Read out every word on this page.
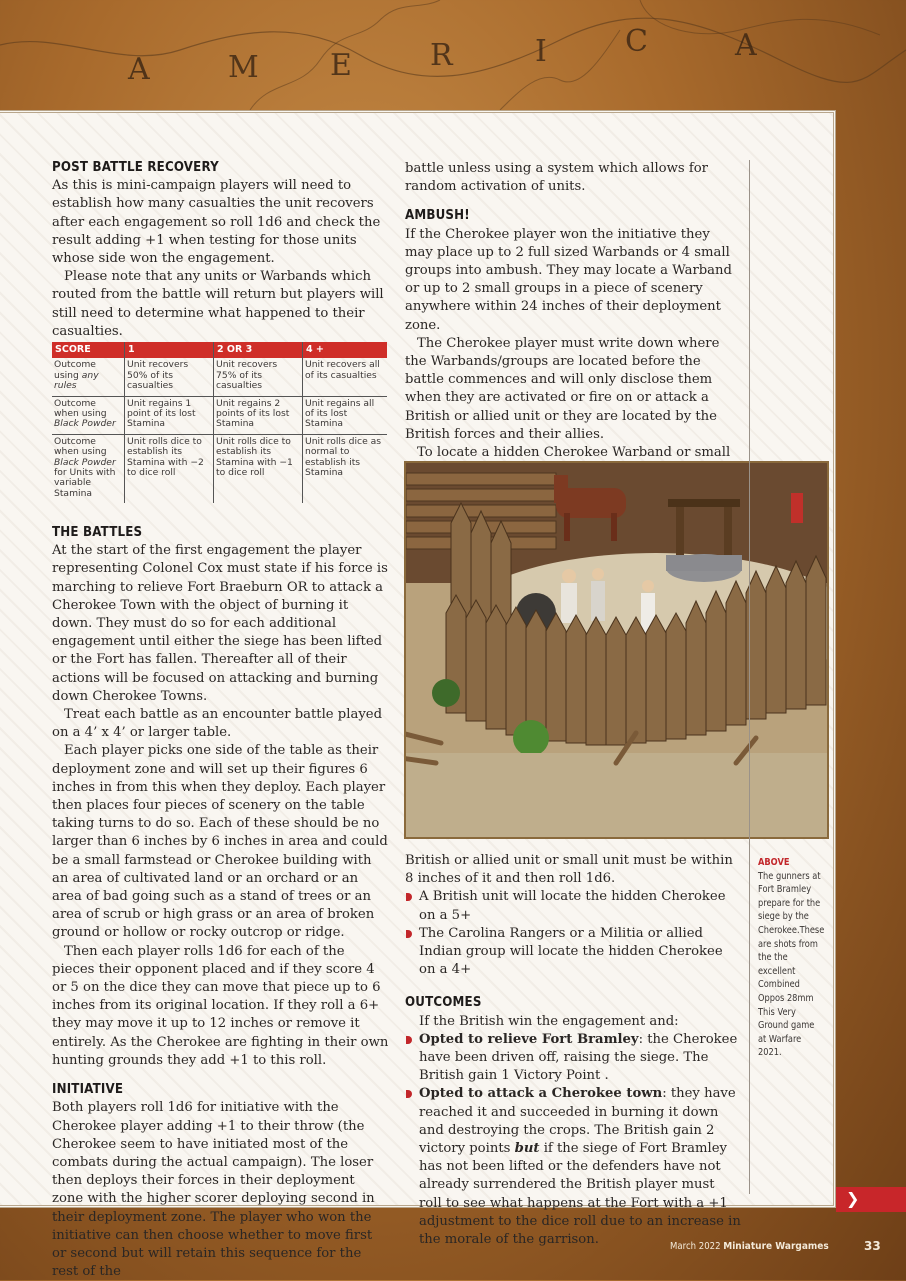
A	M E	R	I	C	A
POST BATTLE RECOVERY

As this is mini-campaign players will need to establish how many casualties the unit recovers after each engagement so roll 1d6 and check the result adding +1 when testing for those units whose side won the engagement.

Please note that any units or Warbands which routed from the battle will return but players will still need to determine what happened to their casualties.

SCORE	1	2 OR 3	4 +
Outcome using any rules	Unit recovers 50% of its casualties	Unit recovers 75% of its casualties	Unit recovers all of its casualties
Outcome when using Black Powder	Unit regains 1 point of its lost Stamina	Unit regains 2 points of its lost Stamina	Unit regains all of its lost Stamina
Outcome when using Black Powder for Units with variable Stamina	Unit rolls dice to establish its Stamina with −2 to dice roll	Unit rolls dice to establish its Stamina with −1 to dice roll	Unit rolls dice as normal to establish its Stamina
THE BATTLES

At the start of the first engagement the player representing Colonel Cox must state if his force is marching to relieve Fort Braeburn OR to attack a Cherokee Town with the object of burning it down. They must do so for each additional engagement until either the siege has been lifted or the Fort has fallen. Thereafter all of their actions will be focused on attacking and burning down Cherokee Towns.

Treat each battle as an encounter battle played on a 4’ x 4’ or larger table.

Each player picks one side of the table as their deployment zone and will set up their figures 6 inches in from this when they deploy. Each player then places four pieces of scenery on the table taking turns to do so. Each of these should be no larger than 6 inches by 6 inches in area and could be a small farmstead or Cherokee building with an area of cultivated land or an orchard or an area of bad going such as a stand of trees or an area of scrub or high grass or an area of broken ground or hollow or rocky outcrop or ridge.

Then each player rolls 1d6 for each of the pieces their opponent placed and if they score 4 or 5 on the dice they can move that piece up to 6 inches from its original location. If they roll a 6+ they may move it up to 12 inches or remove it entirely. As the Cherokee are fighting in their own hunting grounds they add +1 to this roll.

INITIATIVE

Both players roll 1d6 for initiative with the Cherokee player adding +1 to their throw (the Cherokee seem to have initiated most of the combats during the actual campaign). The loser then deploys their forces in their deployment zone with the higher scorer deploying second in their deployment zone. The player who won the initiative can then choose whether to move first or second but will retain this sequence for the rest of the

battle unless using a system which allows for random activation of units.

AMBUSH!

If the Cherokee player won the initiative they may place up to 2 full sized Warbands or 4 small groups into ambush. They may locate a Warband or up to 2 small groups in a piece of scenery anywhere within 24 inches of their deployment zone.

The Cherokee player must write down where the Warbands/groups are located before the battle commences and will only disclose them when they are activated or fire on or attack a British or allied unit or they are located by the British forces and their allies.

To locate a hidden Cherokee Warband or small

British or allied unit or small unit must be within 8 inches of it and then roll 1d6.

A British unit will locate the hidden Cherokee on a 5+
The Carolina Rangers or a Militia or allied Indian group will locate the hidden Cherokee on a 4+
OUTCOMES

If the British win the engagement and:

Opted to relieve Fort Bramley: the Cherokee have been driven off, raising the siege. The British gain 1 Victory Point .
Opted to attack a Cherokee town: they have reached it and succeeded in burning it down and destroying the crops. The British gain 2 victory points but if the siege of Fort Bramley has not been lifted or the defenders have not already surrendered the British player must roll to see what happens at the Fort with a +1 adjustment to the dice roll due to an increase in the morale of the garrison.
ABOVE
The gunners at Fort Bramley prepare for the siege by the Cherokee.These are shots from the the excellent Combined Oppos 28mm This Very Ground game at Warfare 2021.
❯
March 2022 Miniature Wargames	33
